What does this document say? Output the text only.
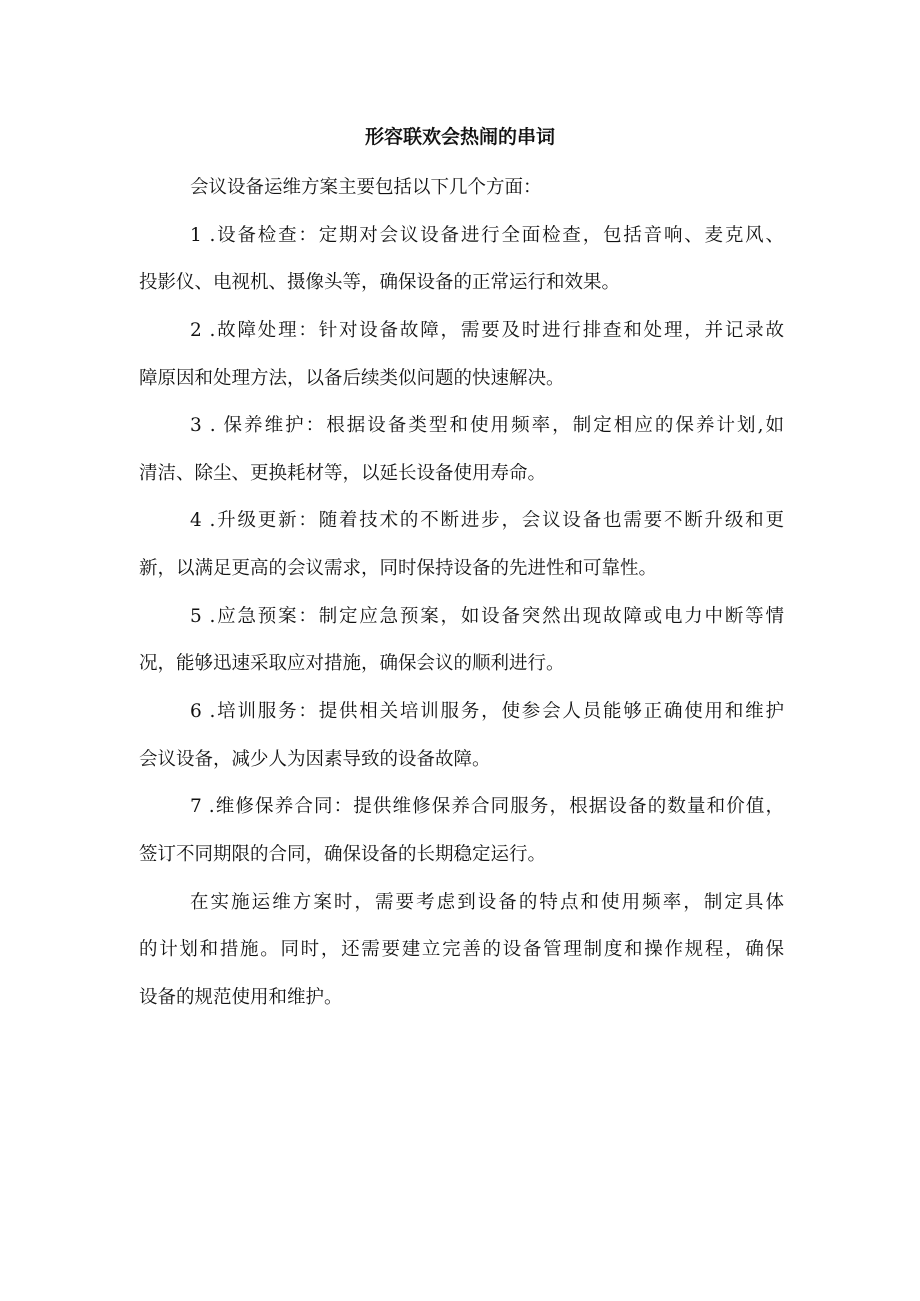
形容联欢会热闹的串词
会议设备运维方案主要包括以下几个方面：
1 .设备检查：定期对会议设备进行全面检查，包括音响、麦克风、
投影仪、电视机、摄像头等，确保设备的正常运行和效果。
2 .故障处理：针对设备故障，需要及时进行排查和处理，并记录故
障原因和处理方法，以备后续类似问题的快速解决。
3 . 保养维护：根据设备类型和使用频率，制定相应的保养计划,如
清洁、除尘、更换耗材等，以延长设备使用寿命。
4 .升级更新：随着技术的不断进步，会议设备也需要不断升级和更
新，以满足更高的会议需求，同时保持设备的先进性和可靠性。
5 .应急预案：制定应急预案，如设备突然出现故障或电力中断等情
况，能够迅速采取应对措施，确保会议的顺利进行。
6 .培训服务：提供相关培训服务，使参会人员能够正确使用和维护
会议设备，减少人为因素导致的设备故障。
7 .维修保养合同：提供维修保养合同服务，根据设备的数量和价值，
签订不同期限的合同，确保设备的长期稳定运行。
在实施运维方案时，需要考虑到设备的特点和使用频率，制定具体
的计划和措施。同时，还需要建立完善的设备管理制度和操作规程，确保
设备的规范使用和维护。
